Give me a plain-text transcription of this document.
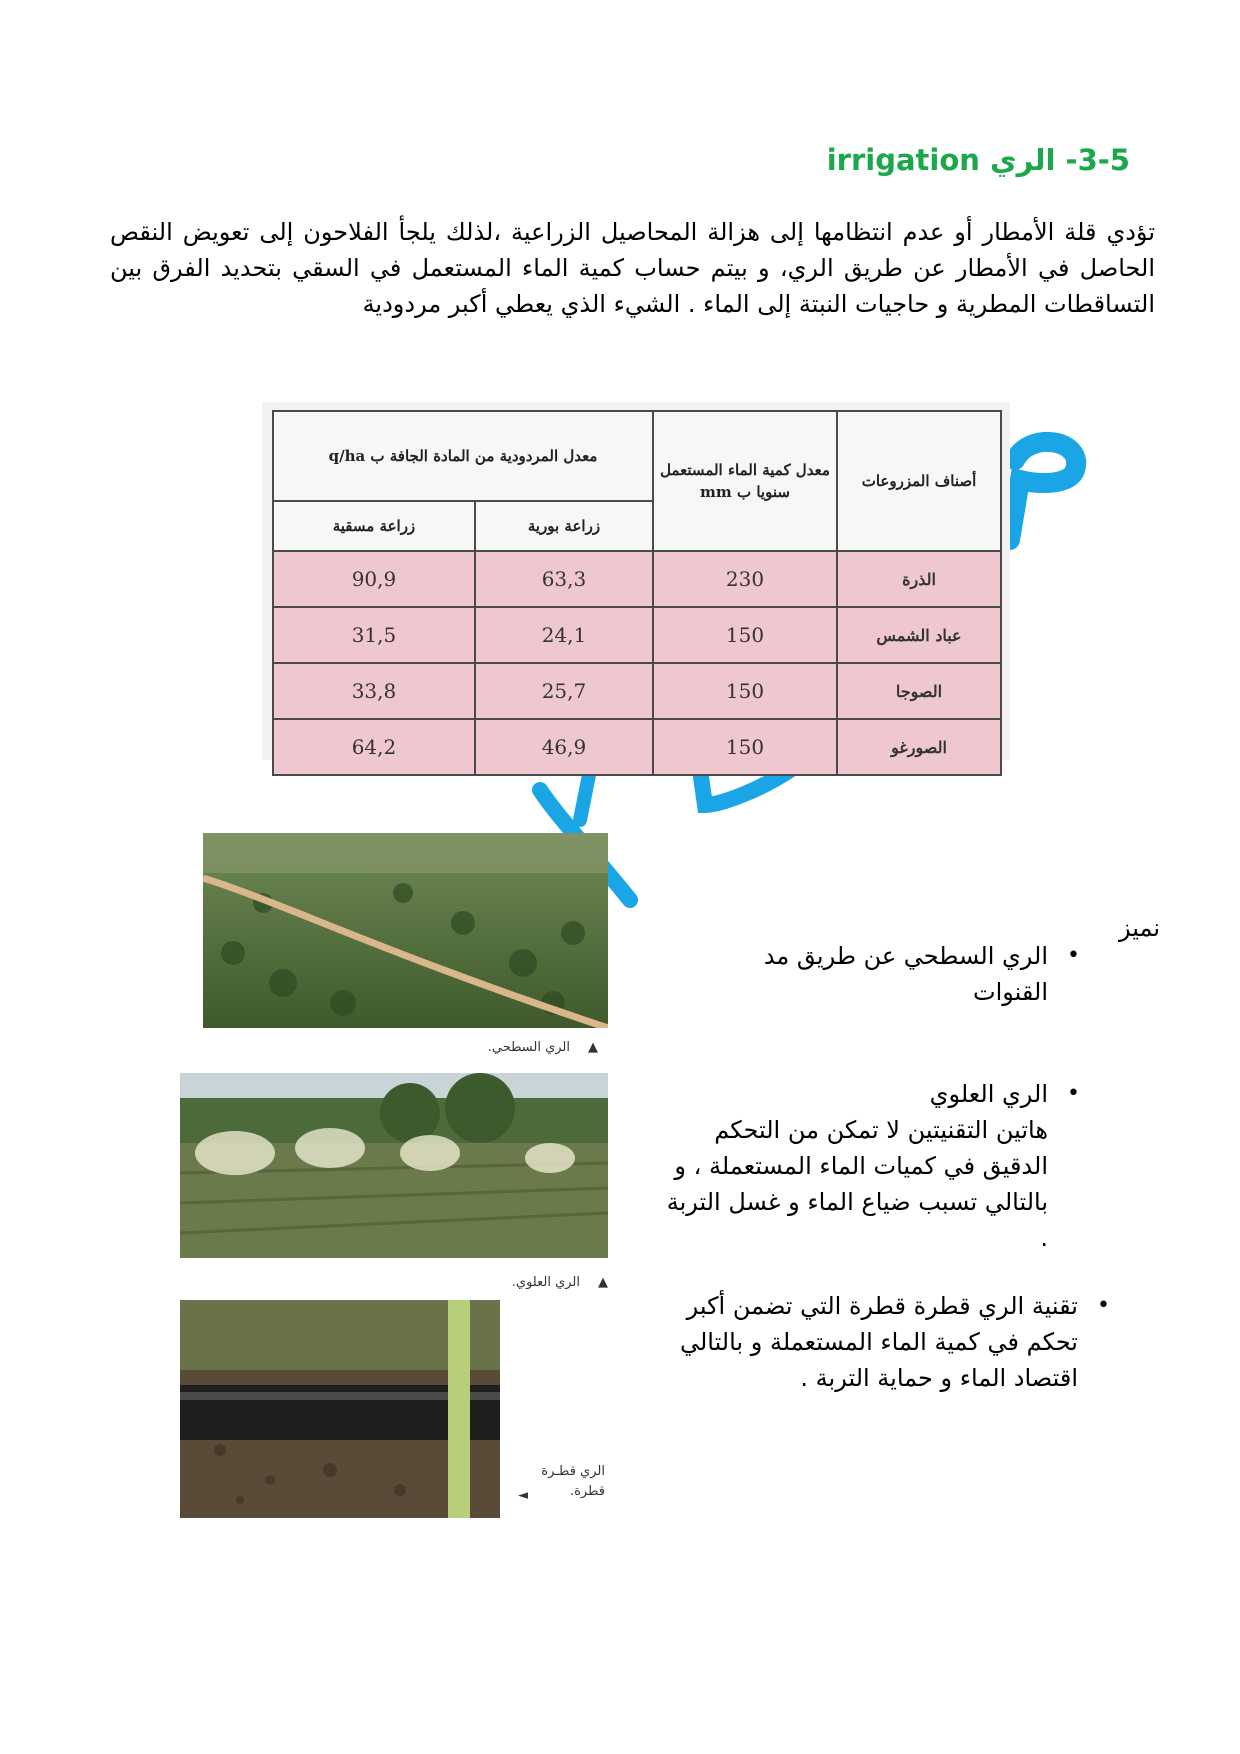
3-5- الري irrigation
تؤدي قلة الأمطار أو عدم انتظامها إلى هزالة المحاصيل الزراعية ،لذلك يلجأ الفلاحون إلى تعويض النقص الحاصل في الأمطار عن طريق الري، و بيتم حساب كمية الماء المستعمل في السقي بتحديد الفرق بين التساقطات المطرية و حاجيات النبتة إلى الماء . الشيء الذي يعطي أكبر مردودية
أصناف المزروعات	معدل كمية الماء المستعمل سنويا ب mm	معدل المردودية من المادة الجافة ب q/ha	
		زراعة بورية	زراعة مسقية
الذرة	230	63,3	90,9
عباد الشمس	150	24,1	31,5
الصوجا	150	25,7	33,8
الصورغو	150	46,9	64,2
▲
الري السطحي.
▲
الري العلوي.
الري قطـرة قطرة.
◄
نميز
•
الري السطحي عن طريق مد القنوات
•
الري العلوي
هاتين التقنيتين لا تمكن من التحكم الدقيق في كميات الماء المستعملة ، و بالتالي تسبب ضياع الماء و غسل التربة .
•
تقنية الري قطرة قطرة التي تضمن أكبر تحكم في كمية الماء المستعملة و بالتالي اقتصاد الماء و حماية التربة .
